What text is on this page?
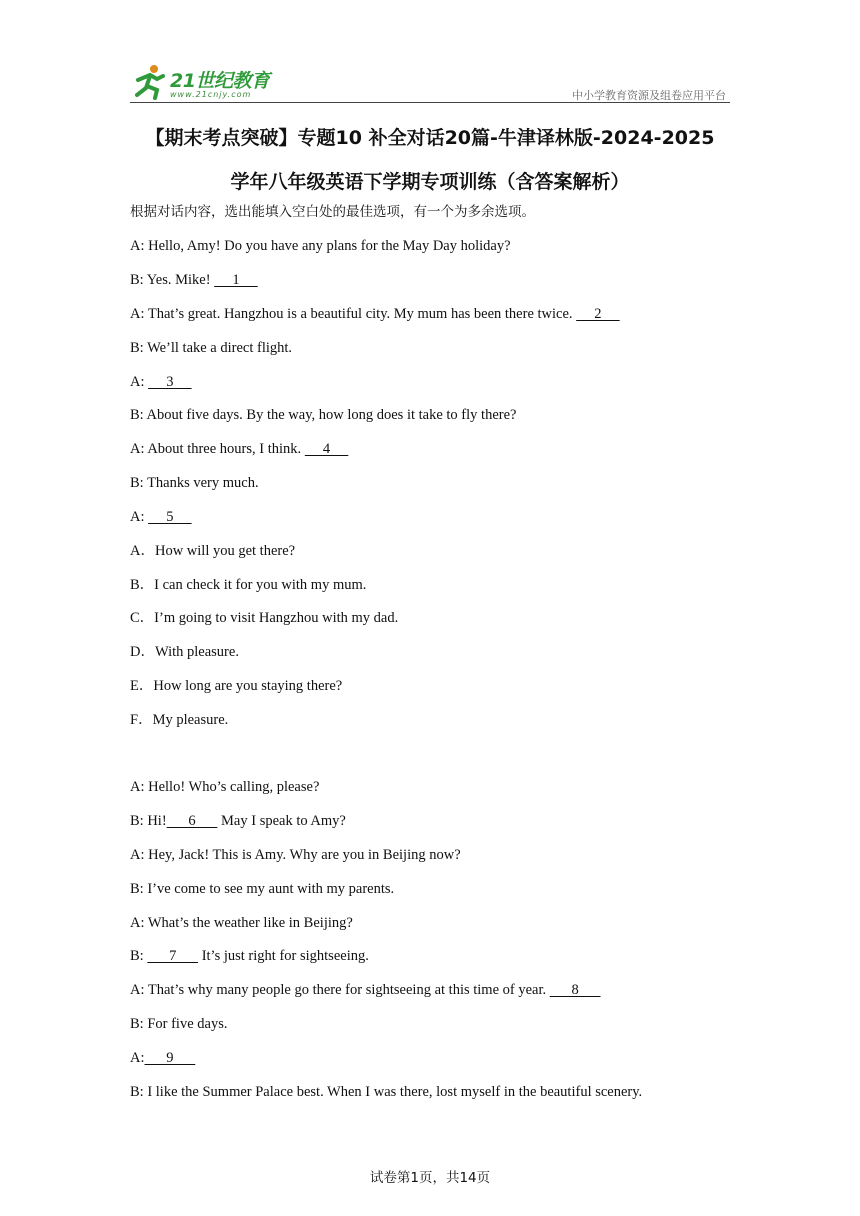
21世纪教育
www.21cnjy.com	中小学教育资源及组卷应用平台
【期末考点突破】专题10 补全对话20篇-牛津译林版-2024-2025
学年八年级英语下学期专项训练（含答案解析）
根据对话内容，选出能填入空白处的最佳选项，有一个为多余选项。
A: Hello, Amy! Do you have any plans for the May Day holiday?
B: Yes. Mike!      1
A: That’s great. Hangzhou is a beautiful city. My mum has been there twice.      2
B: We’ll take a direct flight.
A:      3
B: About five days. By the way, how long does it take to fly there?
A: About three hours, I think.      4
B: Thanks very much.
A:      5
A．How will you get there?
B．I can check it for you with my mum.
C．I’m going to visit Hangzhou with my dad.
D．With pleasure.
E．How long are you staying there?
F．My pleasure.
A: Hello! Who’s calling, please?
B: Hi!      6       May I speak to Amy?
A: Hey, Jack! This is Amy. Why are you in Beijing now?
B: I’ve come to see my aunt with my parents.
A: What’s the weather like in Beijing?
B:       7       It’s just right for sightseeing.
A: That’s why many people go there for sightseeing at this time of year.       8
B: For five days.
A:      9
B: I like the Summer Palace best. When I was there, lost myself in the beautiful scenery.
试卷第1页，共14页
